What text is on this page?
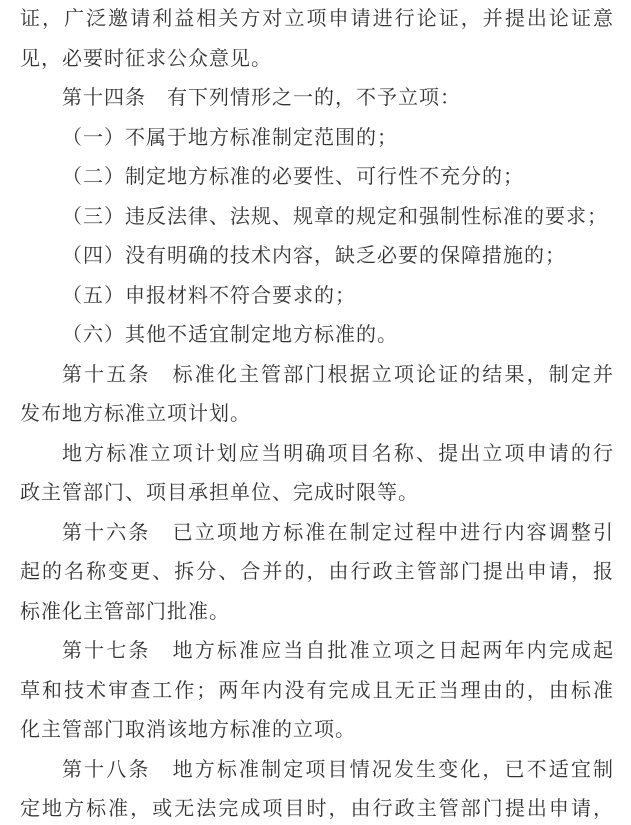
证，广泛邀请利益相关方对立项申请进行论证，并提出论证意
见，必要时征求公众意见。
第十四条　有下列情形之一的，不予立项：
（一）不属于地方标准制定范围的；
（二）制定地方标准的必要性、可行性不充分的；
（三）违反法律、法规、规章的规定和强制性标准的要求；
（四）没有明确的技术内容，缺乏必要的保障措施的；
（五）申报材料不符合要求的；
（六）其他不适宜制定地方标准的。
第十五条　标准化主管部门根据立项论证的结果，制定并
发布地方标准立项计划。
地方标准立项计划应当明确项目名称、提出立项申请的行
政主管部门、项目承担单位、完成时限等。
第十六条　已立项地方标准在制定过程中进行内容调整引
起的名称变更、拆分、合并的，由行政主管部门提出申请，报
标准化主管部门批准。
第十七条　地方标准应当自批准立项之日起两年内完成起
草和技术审查工作；两年内没有完成且无正当理由的，由标准
化主管部门取消该地方标准的立项。
第十八条　地方标准制定项目情况发生变化，已不适宜制
定地方标准，或无法完成项目时，由行政主管部门提出申请，
